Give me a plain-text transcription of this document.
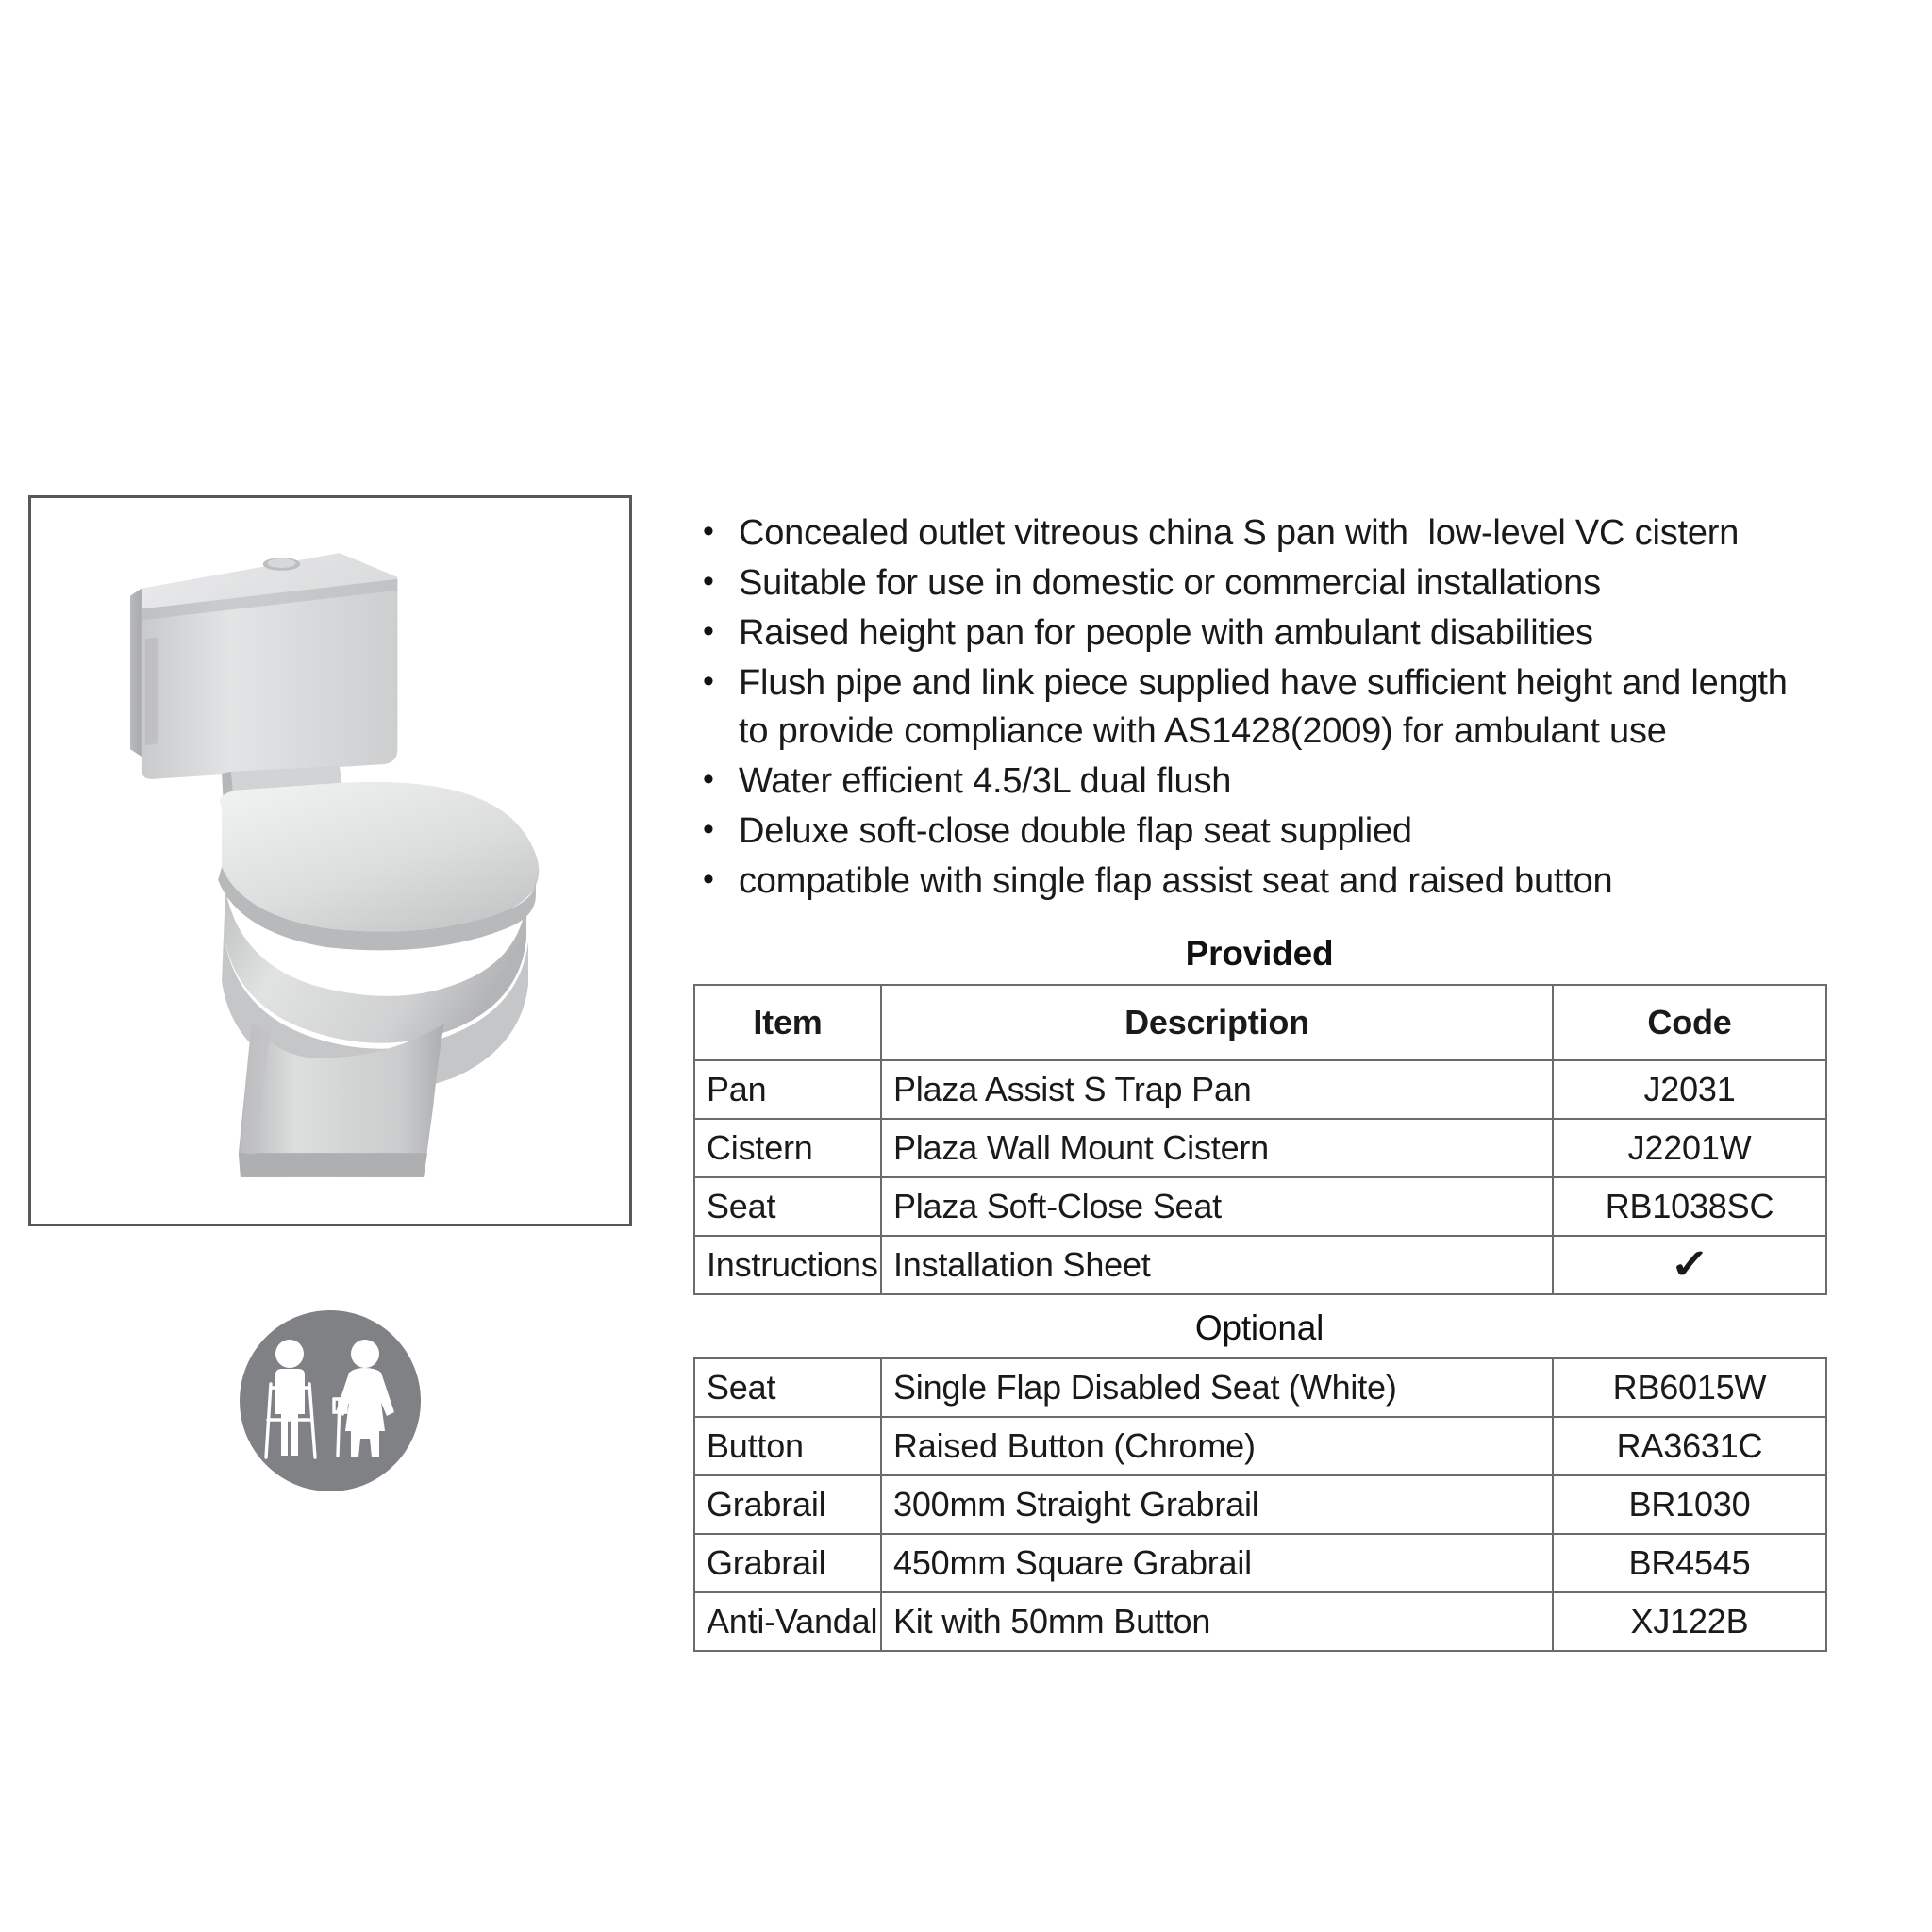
• Concealed outlet vitreous china S pan with  low-level VC cistern
• Suitable for use in domestic or commercial installations
• Raised height pan for people with ambulant disabilities
• Flush pipe and link piece supplied have sufficient height and length to provide compliance with AS1428(2009) for ambulant use
• Water efficient 4.5/3L dual flush
• Deluxe soft-close double flap seat supplied
• compatible with single flap assist seat and raised button
Provided
Item	Description	Code
Pan	Plaza Assist S Trap Pan	J2031
Cistern	Plaza Wall Mount Cistern	J2201W
Seat	Plaza Soft-Close Seat	RB1038SC
Instructions	Installation Sheet	✓
Optional
Seat	Single Flap Disabled Seat (White)	RB6015W
Button	Raised Button (Chrome)	RA3631C
Grabrail	300mm Straight Grabrail	BR1030
Grabrail	450mm Square Grabrail	BR4545
Anti-Vandal	Kit with 50mm Button	XJ122B
